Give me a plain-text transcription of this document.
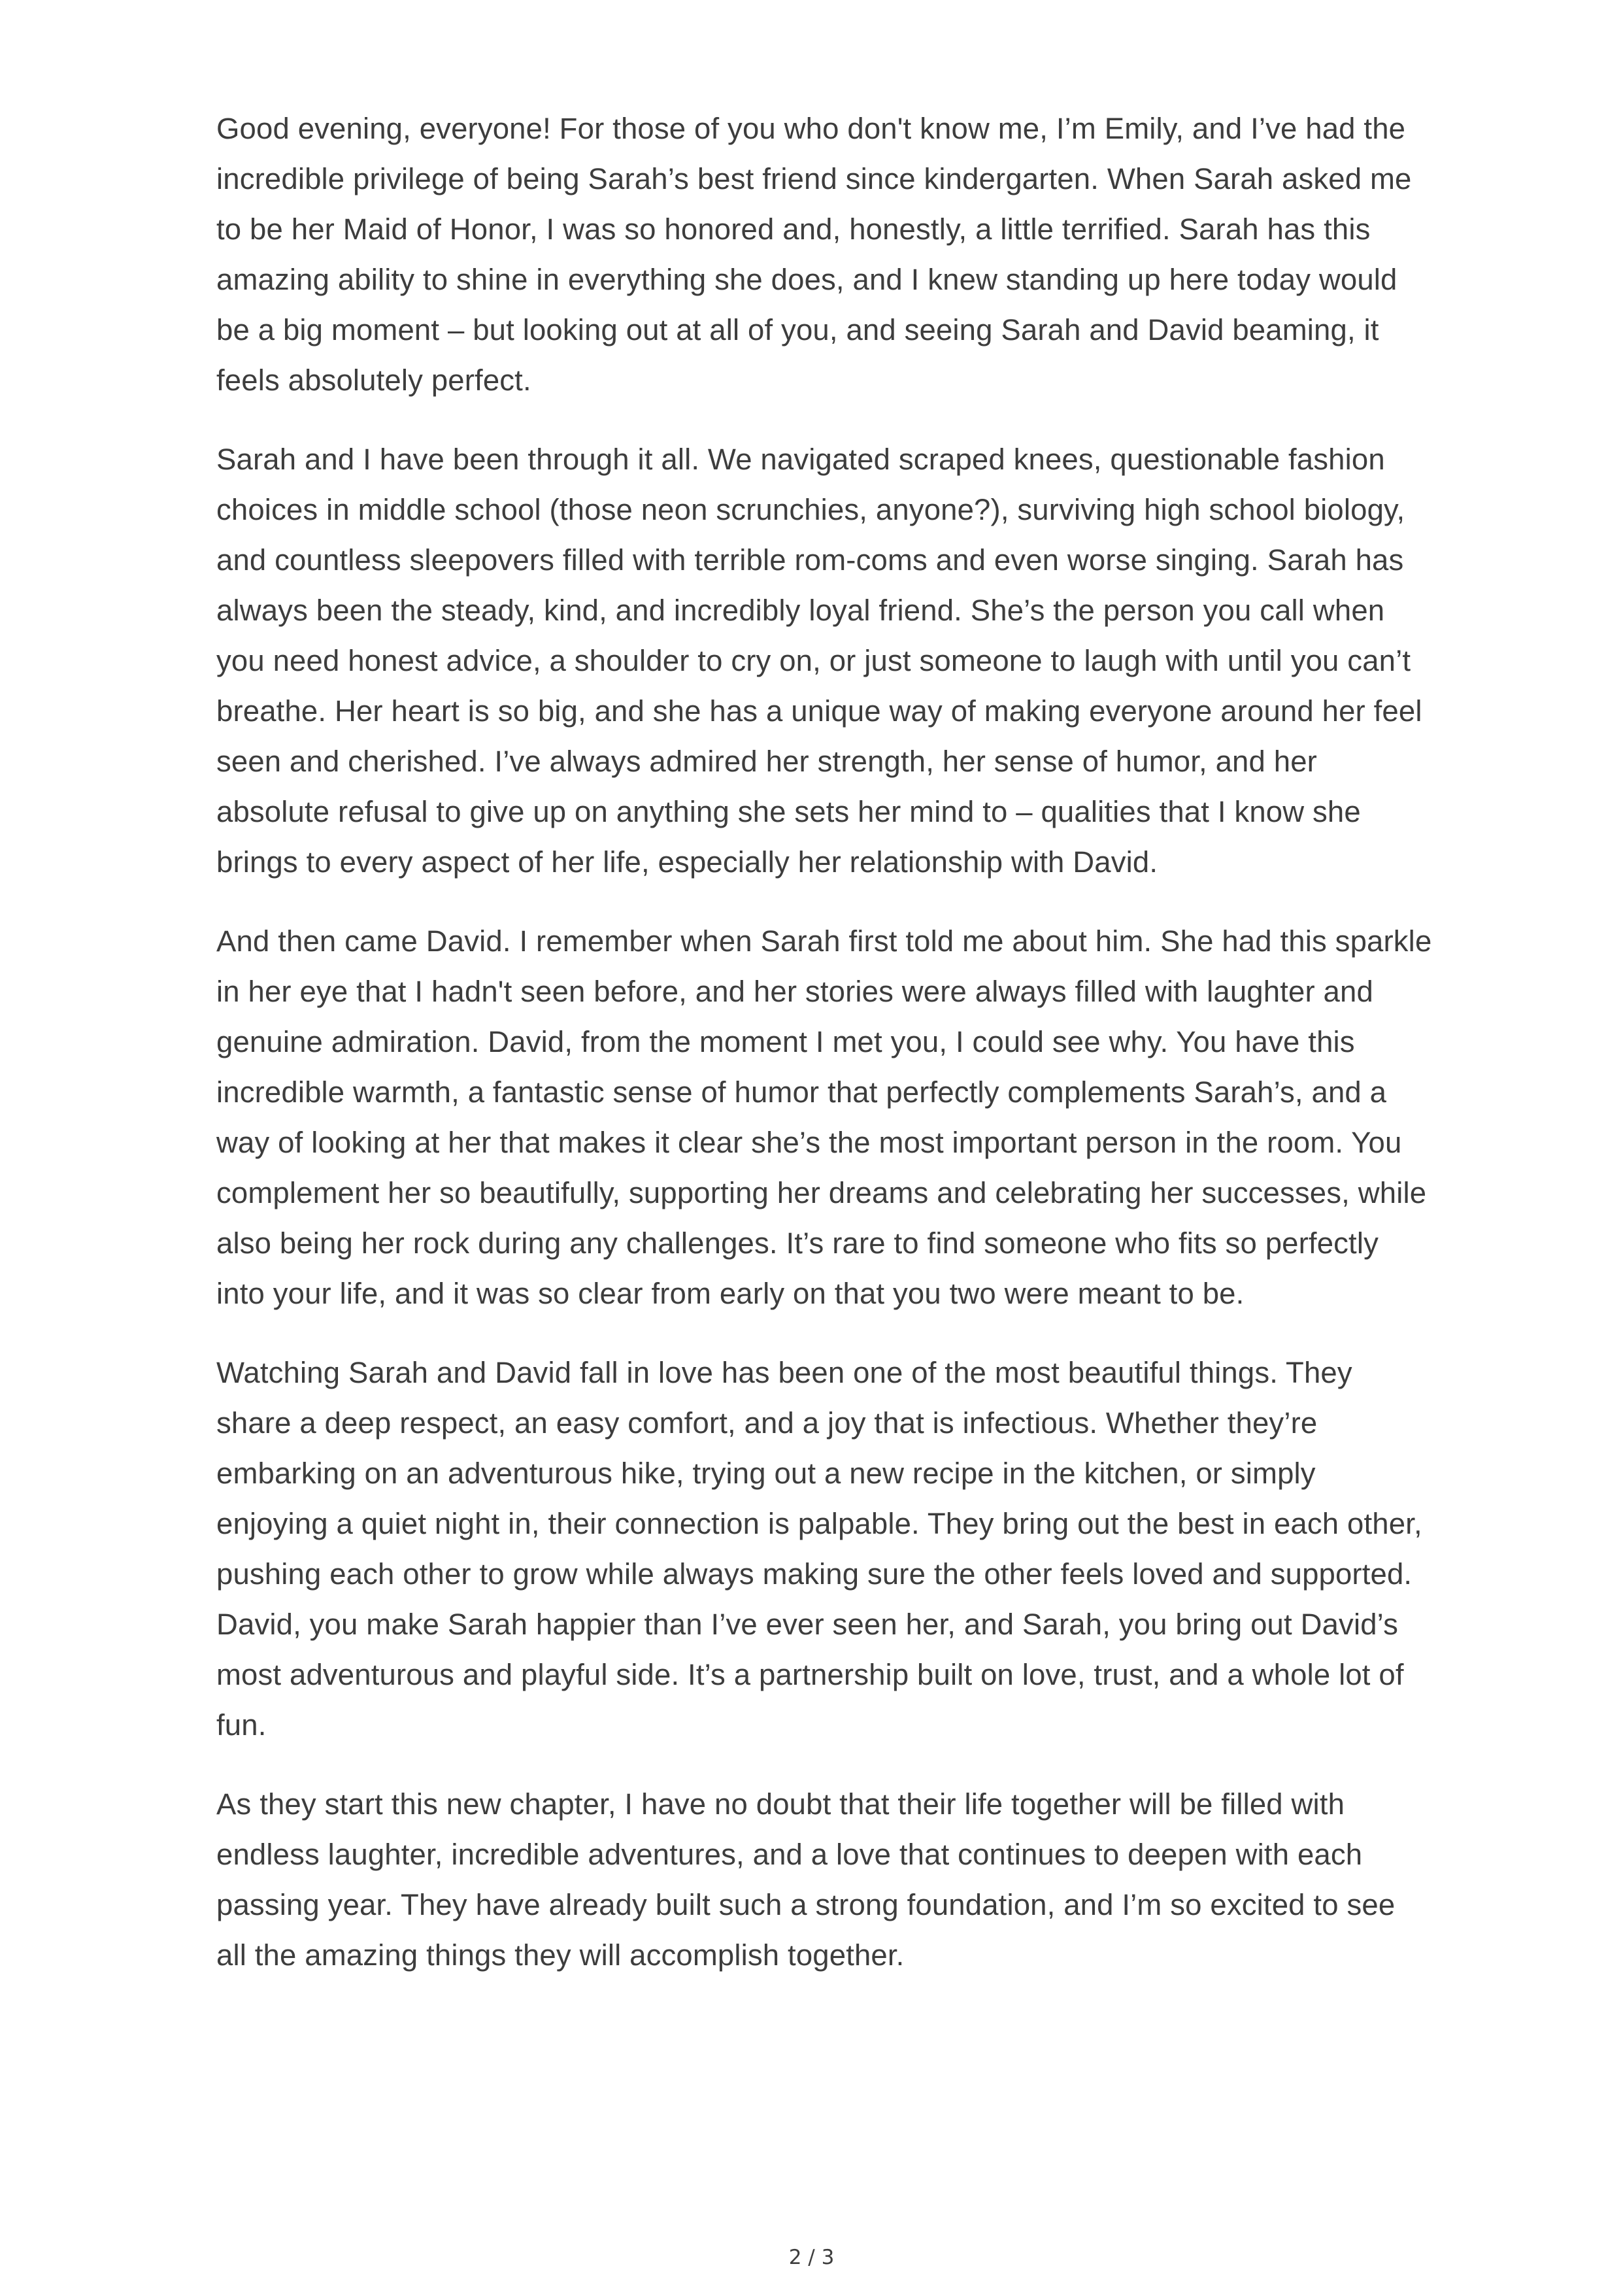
Good evening, everyone! For those of you who don't know me, I’m Emily, and I’ve had the incredible privilege of being Sarah’s best friend since kindergarten. When Sarah asked me to be her Maid of Honor, I was so honored and, honestly, a little terrified. Sarah has this amazing ability to shine in everything she does, and I knew standing up here today would be a big moment – but looking out at all of you, and seeing Sarah and David beaming, it feels absolutely perfect.

Sarah and I have been through it all. We navigated scraped knees, questionable fashion choices in middle school (those neon scrunchies, anyone?), surviving high school biology, and countless sleepovers filled with terrible rom-coms and even worse singing. Sarah has always been the steady, kind, and incredibly loyal friend. She’s the person you call when you need honest advice, a shoulder to cry on, or just someone to laugh with until you can’t breathe. Her heart is so big, and she has a unique way of making everyone around her feel seen and cherished. I’ve always admired her strength, her sense of humor, and her absolute refusal to give up on anything she sets her mind to – qualities that I know she brings to every aspect of her life, especially her relationship with David.

And then came David. I remember when Sarah first told me about him. She had this sparkle in her eye that I hadn't seen before, and her stories were always filled with laughter and genuine admiration. David, from the moment I met you, I could see why. You have this incredible warmth, a fantastic sense of humor that perfectly complements Sarah’s, and a way of looking at her that makes it clear she’s the most important person in the room. You complement her so beautifully, supporting her dreams and celebrating her successes, while also being her rock during any challenges. It’s rare to find someone who fits so perfectly into your life, and it was so clear from early on that you two were meant to be.

Watching Sarah and David fall in love has been one of the most beautiful things. They share a deep respect, an easy comfort, and a joy that is infectious. Whether they’re embarking on an adventurous hike, trying out a new recipe in the kitchen, or simply enjoying a quiet night in, their connection is palpable. They bring out the best in each other, pushing each other to grow while always making sure the other feels loved and supported. David, you make Sarah happier than I’ve ever seen her, and Sarah, you bring out David’s most adventurous and playful side. It’s a partnership built on love, trust, and a whole lot of fun.

As they start this new chapter, I have no doubt that their life together will be filled with endless laughter, incredible adventures, and a love that continues to deepen with each passing year. They have already built such a strong foundation, and I’m so excited to see all the amazing things they will accomplish together.

2 / 3
